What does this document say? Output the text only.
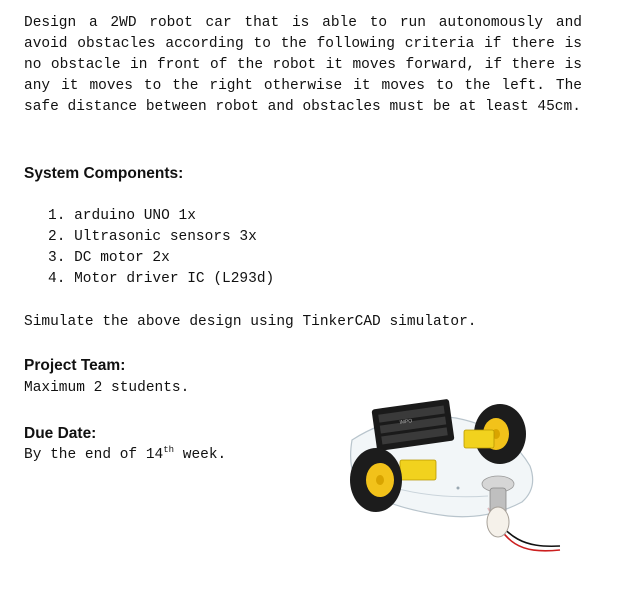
Design a 2WD robot car that is able to run autonomously and avoid obstacles according to the following criteria if there is no obstacle in front of the robot it moves forward, if there is any it moves to the right otherwise it moves to the left. The safe distance between robot and obstacles must be at least 45cm.
System Components:
1. arduino UNO 1x
2. Ultrasonic sensors 3x
3. DC motor 2x
4. Motor driver IC (L293d)
Simulate the above design using TinkerCAD simulator.
Project Team:
Maximum 2 students.
Due Date:
By the end of 14th week.
IMPO
